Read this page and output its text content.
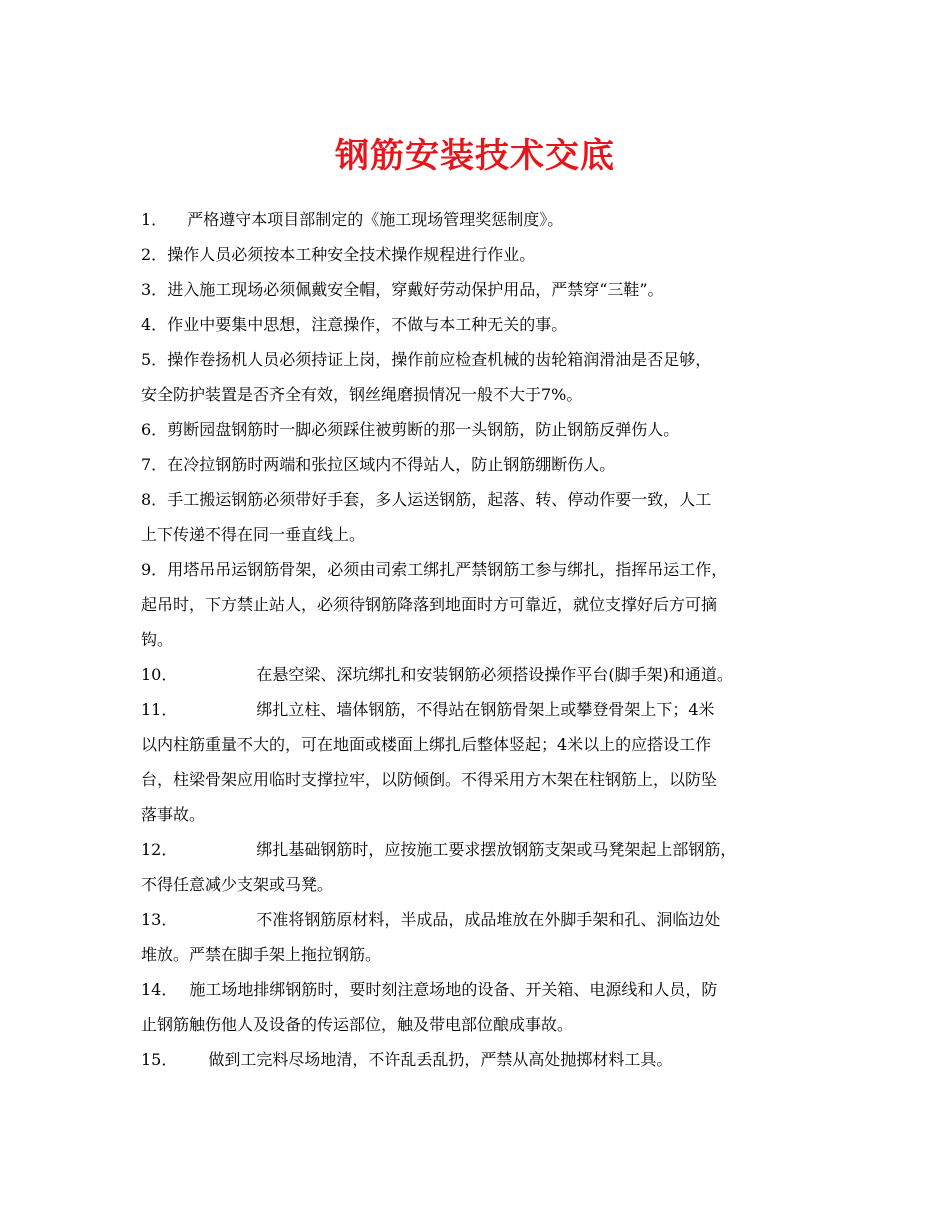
钢筋安装技术交底
1． 严格遵守本项目部制定的《施工现场管理奖惩制度》。
2．操作人员必须按本工种安全技术操作规程进行作业。
3．进入施工现场必须佩戴安全帽，穿戴好劳动保护用品，严禁穿“三鞋”。
4．作业中要集中思想，注意操作，不做与本工种无关的事。
5．操作卷扬机人员必须持证上岗，操作前应检查机械的齿轮箱润滑油是否足够，
安全防护装置是否齐全有效，钢丝绳磨损情况一般不大于7%。
6．剪断园盘钢筋时一脚必须踩住被剪断的那一头钢筋，防止钢筋反弹伤人。
7．在冷拉钢筋时两端和张拉区域内不得站人，防止钢筋绷断伤人。
8．手工搬运钢筋必须带好手套，多人运送钢筋，起落、转、停动作要一致，人工
上下传递不得在同一垂直线上。
9．用塔吊吊运钢筋骨架，必须由司索工绑扎严禁钢筋工参与绑扎，指挥吊运工作，
起吊时，下方禁止站人，必须待钢筋降落到地面时方可靠近，就位支撑好后方可摘
钩。
10．	在悬空梁、深坑绑扎和安装钢筋必须搭设操作平台(脚手架)和通道。
11．	绑扎立柱、墙体钢筋，不得站在钢筋骨架上或攀登骨架上下；4米
以内柱筋重量不大的，可在地面或楼面上绑扎后整体竖起；4米以上的应搭设工作
台，柱梁骨架应用临时支撑拉牢，以防倾倒。不得采用方木架在柱钢筋上，以防坠
落事故。
12．	绑扎基础钢筋时，应按施工要求摆放钢筋支架或马凳架起上部钢筋，
不得任意减少支架或马凳。
13．	不准将钢筋原材料，半成品，成品堆放在外脚手架和孔、洞临边处
堆放。严禁在脚手架上拖拉钢筋。
14． 施工场地排绑钢筋时，要时刻注意场地的设备、开关箱、电源线和人员，防
止钢筋触伤他人及设备的传运部位，触及带电部位酿成事故。
15． 做到工完料尽场地清，不许乱丢乱扔，严禁从高处抛掷材料工具。
